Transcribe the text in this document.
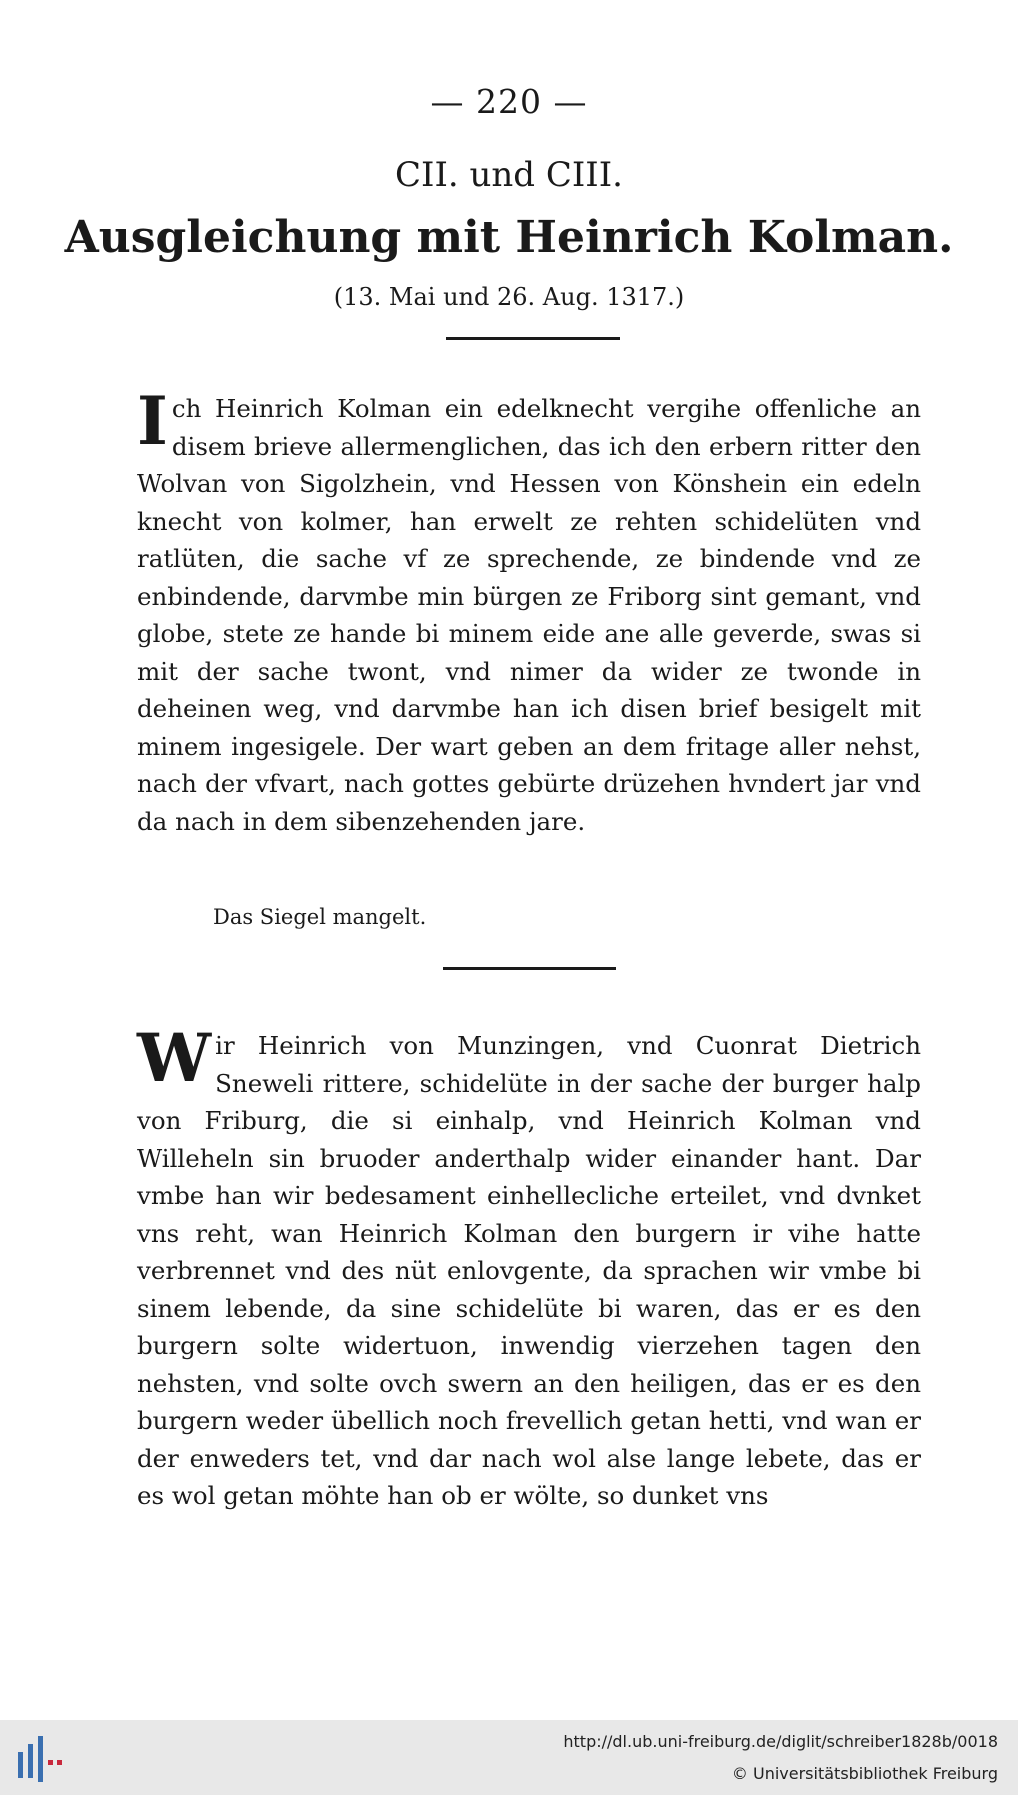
— 220 —
CII. und CIII.
Ausgleichung mit Heinrich Kolman.
(13. Mai und 26. Aug. 1317.)

Ich Heinrich Kolman ein edelknecht vergihe offenliche an disem brieve allermenglichen, das ich den erbern ritter den Wolvan von Sigolzhein, vnd Hessen von Könshein ein edeln knecht von kolmer, han erwelt ze rehten schidelüten vnd ratlüten, die sache vf ze sprechende, ze bindende vnd ze enbindende, darvmbe min bürgen ze Friborg sint gemant, vnd globe, stete ze hande bi minem eide ane alle geverde, swas si mit der sache twont, vnd nimer da wider ze twonde in deheinen weg, vnd darvmbe han ich disen brief besigelt mit minem ingesigele. Der wart geben an dem fritage aller nehst, nach der vfvart, nach gottes gebürte drüzehen hvndert jar vnd da nach in dem sibenzehenden jare.

Das Siegel mangelt.

Wir Heinrich von Munzingen, vnd Cuonrat Dietrich Sneweli rittere, schidelüte in der sache der burger halp von Friburg, die si einhalp, vnd Heinrich Kolman vnd Willeheln sin bruoder anderthalp wider einander hant. Dar vmbe han wir bedesament einhellecliche erteilet, vnd dvnket vns reht, wan Heinrich Kolman den burgern ir vihe hatte verbrennet vnd des nüt enlovgente, da sprachen wir vmbe bi sinem lebende, da sine schidelüte bi waren, das er es den burgern solte widertuon, inwendig vierzehen tagen den nehsten, vnd solte ovch swern an den heiligen, das er es den burgern weder übellich noch frevellich getan hetti, vnd wan er der enweders tet, vnd dar nach wol alse lange lebete, das er es wol getan möhte han ob er wölte, so dunket vns

http://dl.ub.uni-freiburg.de/diglit/schreiber1828b/0018
© Universitätsbibliothek Freiburg
